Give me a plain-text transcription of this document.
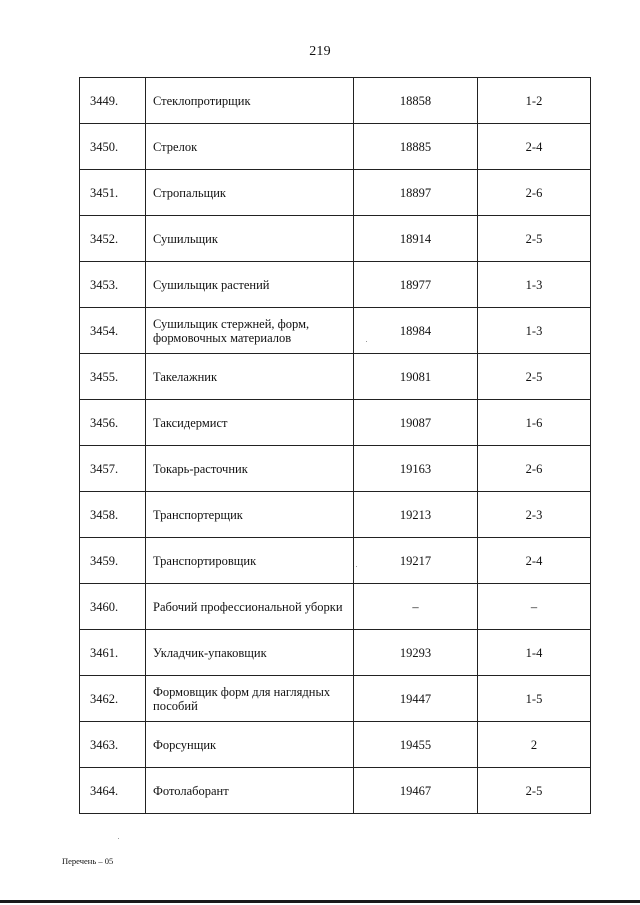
219
3449.	Стеклопротирщик	18858	1-2
3450.	Стрелок	18885	2-4
3451.	Стропальщик	18897	2-6
3452.	Сушильщик	18914	2-5
3453.	Сушильщик растений	18977	1-3
3454.	Сушильщик стержней, форм,
формовочных материалов	18984	1-3
3455.	Такелажник	19081	2-5
3456.	Таксидермист	19087	1-6
3457.	Токарь-расточник	19163	2-6
3458.	Транспортерщик	19213	2-3
3459.	Транспортировщик	19217	2-4
3460.	Рабочий профессиональной уборки	–	–
3461.	Укладчик-упаковщик	19293	1-4
3462.	Формовщик форм для наглядных
пособий	19447	1-5
3463.	Форсунщик	19455	2
3464.	Фотолаборант	19467	2-5
Перечень – 05
